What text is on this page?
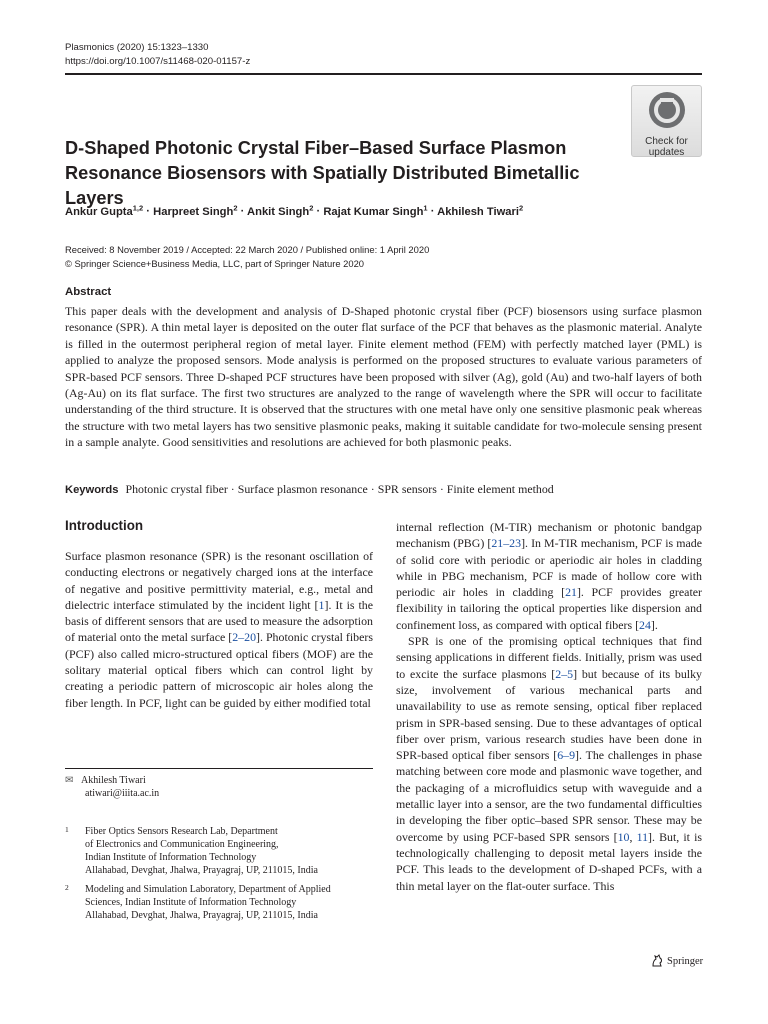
Plasmonics (2020) 15:1323–1330
https://doi.org/10.1007/s11468-020-01157-z
Check for
updates
D-Shaped Photonic Crystal Fiber–Based Surface Plasmon Resonance Biosensors with Spatially Distributed Bimetallic Layers
Ankur Gupta$^{1,2}$ · Harpreet Singh$^2$ · Ankit Singh$^2$ · Rajat Kumar Singh$^1$ · Akhilesh Tiwari$^2$
Received: 8 November 2019 / Accepted: 22 March 2020 / Published online: 1 April 2020
© Springer Science+Business Media, LLC, part of Springer Nature 2020
Abstract

This paper deals with the development and analysis of D-Shaped photonic crystal fiber (PCF) biosensors using surface plasmon resonance (SPR). A thin metal layer is deposited on the outer flat surface of the PCF that behaves as the plasmonic material. Analyte is filled in the outermost peripheral region of metal layer. Finite element method (FEM) with perfectly matched layer (PML) is applied to analyze the proposed sensors. Mode analysis is performed on the proposed structures to evaluate various parameters of SPR-based PCF sensors. Three D-shaped PCF structures have been proposed with silver (Ag), gold (Au) and two-half layers of both (Ag-Au) on its flat surface. The first two structures are analyzed to the range of wavelength where the SPR will occur to facilitate understanding of the third structure. It is observed that the structures with one metal have only one sensitive plasmonic peak whereas the structure with two metal layers has two sensitive plasmonic peaks, making it suitable candidate for two-molecule sensing present in a sample analyte. Good sensitivities and resolutions are achieved for both plasmonic peaks.

Keywords Photonic crystal fiber · Surface plasmon resonance · SPR sensors · Finite element method
Introduction

Surface plasmon resonance (SPR) is the resonant oscillation of conducting electrons or negatively charged ions at the interface of negative and positive permittivity material, e.g., metal and dielectric interface stimulated by the incident light [1]. It is the basis of different sensors that are used to measure the adsorption of material onto the metal surface [2–20]. Photonic crystal fibers (PCF) also called micro-structured optical fibers (MOF) are the solitary material optical fibers which can control light by creating a periodic pattern of microscopic air holes along the fiber length. In PCF, light can be guided by either modified total

internal reflection (M-TIR) mechanism or photonic bandgap mechanism (PBG) [21–23]. In M-TIR mechanism, PCF is made of solid core with periodic or aperiodic air holes in cladding while in PBG mechanism, PCF is made of hollow core with periodic air holes in cladding [21]. PCF provides greater flexibility in tailoring the optical properties like dispersion and confinement loss, as compared with optical fibers [24].

SPR is one of the promising optical techniques that find sensing applications in different fields. Initially, prism was used to excite the surface plasmons [2–5] but because of its bulky size, involvement of various mechanical parts and unavailability to use as remote sensing, optical fiber replaced prism in SPR-based sensing. Due to these advantages of optical fiber over prism, various research studies have been done in SPR-based optical fiber sensors [6–9]. The challenges in phase matching between core mode and plasmonic wave together, and the packaging of a microfluidics setup with waveguide and a metallic layer into a sensor, are the two fundamental difficulties in developing the fiber optic–based SPR sensor. These may be overcome by using PCF-based SPR sensors [10, 11]. But, it is technologically challenging to deposit metal layers inside the PCF. This leads to the development of D-shaped PCFs, with a thin metal layer on the flat-outer surface. This

✉ Akhilesh Tiwari
atiwari@iiita.ac.in
1 Fiber Optics Sensors Research Lab, Department
of Electronics and Communication Engineering,
Indian Institute of Information Technology
Allahabad, Devghat, Jhalwa, Prayagraj, UP, 211015, India
2 Modeling and Simulation Laboratory, Department of Applied
Sciences, Indian Institute of Information Technology
Allahabad, Devghat, Jhalwa, Prayagraj, UP, 211015, India
Springer
